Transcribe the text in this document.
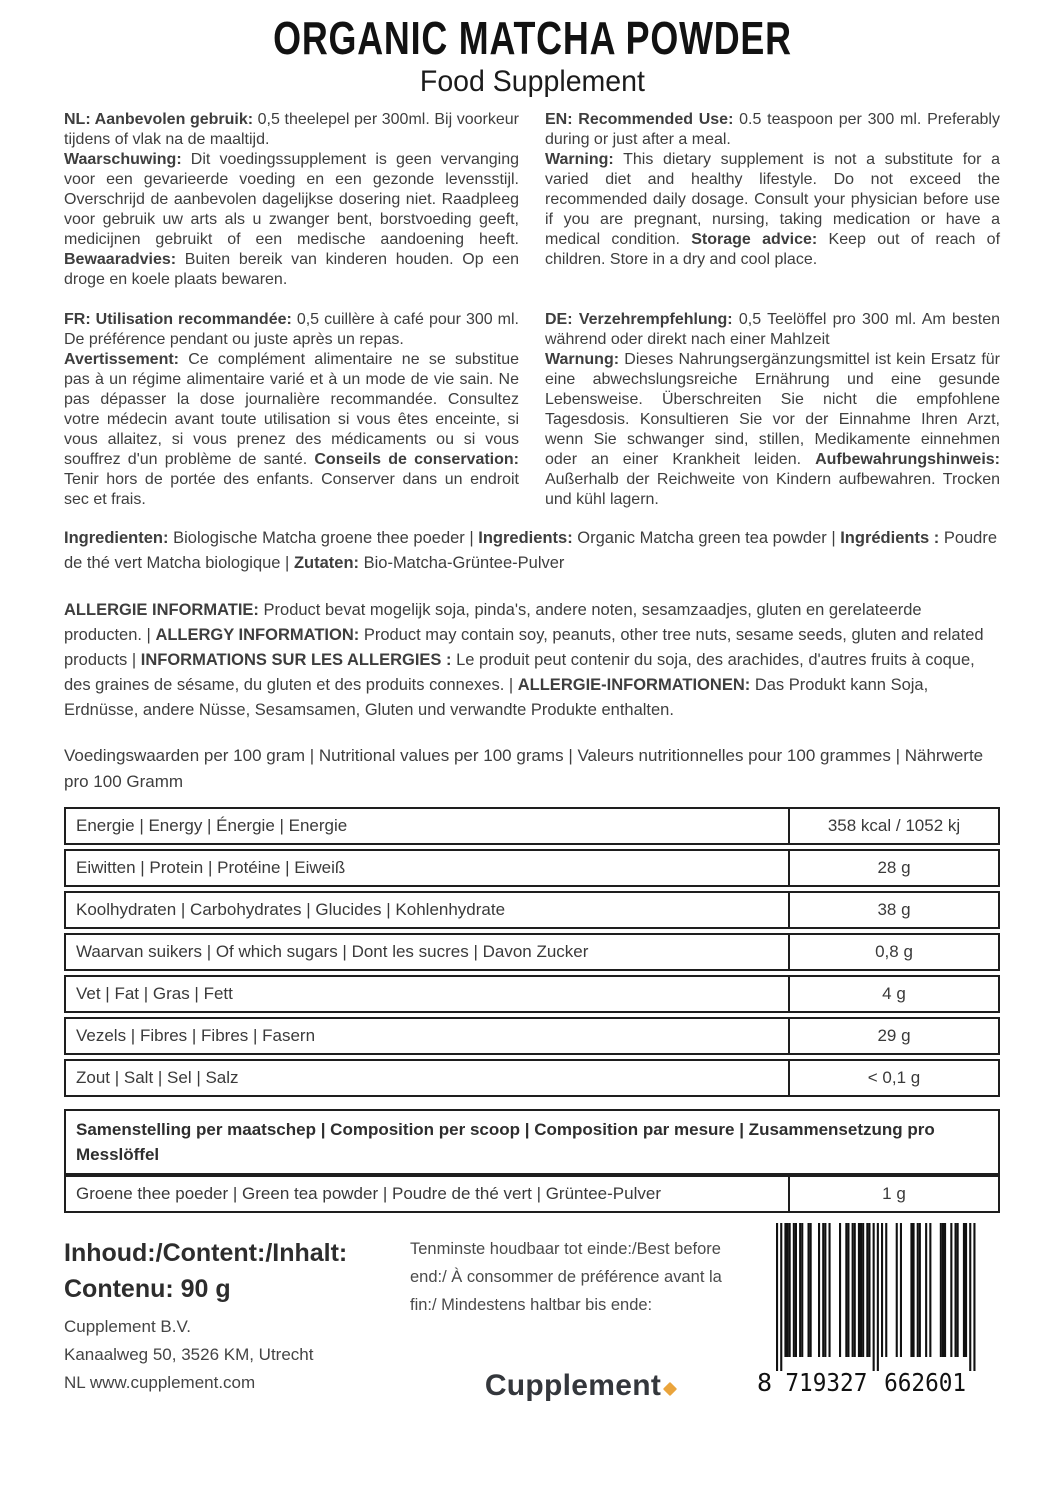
ORGANIC MATCHA POWDER
Food Supplement

NL: Aanbevolen gebruik: 0,5 theelepel per 300ml. Bij voorkeur tijdens of vlak na de maaltijd.

Waarschuwing: Dit voedingssupplement is geen vervanging voor een gevarieerde voeding en een gezonde levensstijl. Overschrijd de aanbevolen dagelijkse dosering niet. Raadpleeg voor gebruik uw arts als u zwanger bent, borstvoeding geeft, medicijnen gebruikt of een medische aandoening heeft. Bewaaradvies: Buiten bereik van kinderen houden. Op een droge en koele plaats bewaren.

EN: Recommended Use: 0.5 teaspoon per 300 ml. Preferably during or just after a meal.

Warning: This dietary supplement is not a substitute for a varied diet and healthy lifestyle. Do not exceed the recommended daily dosage. Consult your physician before use if you are pregnant, nursing, taking medication or have a medical condition. Storage advice: Keep out of reach of children. Store in a dry and cool place.

FR: Utilisation recommandée: 0,5 cuillère à café pour 300 ml. De préférence pendant ou juste après un repas.

Avertissement: Ce complément alimentaire ne se substitue pas à un régime alimentaire varié et à un mode de vie sain. Ne pas dépasser la dose journalière recommandée. Consultez votre médecin avant toute utilisation si vous êtes enceinte, si vous allaitez, si vous prenez des médicaments ou si vous souffrez d'un problème de santé. Conseils de conservation: Tenir hors de portée des enfants. Conserver dans un endroit sec et frais.

DE: Verzehrempfehlung: 0,5 Teelöffel pro 300 ml. Am besten während oder direkt nach einer Mahlzeit

Warnung: Dieses Nahrungsergänzungsmittel ist kein Ersatz für eine abwechslungsreiche Ernährung und eine gesunde Lebensweise. Überschreiten Sie nicht die empfohlene Tagesdosis. Konsultieren Sie vor der Einnahme Ihren Arzt, wenn Sie schwanger sind, stillen, Medikamente einnehmen oder an einer Krankheit leiden. Aufbewahrungshinweis: Außerhalb der Reichweite von Kindern aufbewahren. Trocken und kühl lagern.

Ingredienten: Biologische Matcha groene thee poeder | Ingredients: Organic Matcha green tea powder | Ingrédients : Poudre de thé vert Matcha biologique | Zutaten: Bio-Matcha-Grüntee-Pulver
ALLERGIE INFORMATIE: Product bevat mogelijk soja, pinda's, andere noten, sesamzaadjes, gluten en gerelateerde producten. | ALLERGY INFORMATION: Product may contain soy, peanuts, other tree nuts, sesame seeds, gluten and related products | INFORMATIONS SUR LES ALLERGIES : Le produit peut contenir du soja, des arachides, d'autres fruits à coque, des graines de sésame, du gluten et des produits connexes. | ALLERGIE-INFORMATIONEN: Das Produkt kann Soja, Erdnüsse, andere Nüsse, Sesamsamen, Gluten und verwandte Produkte enthalten.
Voedingswaarden per 100 gram | Nutritional values per 100 grams | Valeurs nutritionnelles pour 100 grammes | Nährwerte pro 100 Gramm
Energie | Energy | Énergie | Energie	358 kcal / 1052 kj
Eiwitten | Protein | Protéine | Eiweiß	28 g
Koolhydraten | Carbohydrates | Glucides | Kohlenhydrate	38 g
Waarvan suikers | Of which sugars | Dont les sucres | Davon Zucker	0,8 g
Vet | Fat | Gras | Fett	4 g
Vezels | Fibres | Fibres | Fasern	29 g
Zout | Salt | Sel | Salz	< 0,1 g
Samenstelling per maatschep | Composition per scoop | Composition par mesure | Zusammensetzung pro Messlöffel
Groene thee poeder | Green tea powder | Poudre de thé vert | Grüntee-Pulver	1 g
Inhoud:/Content:/Inhalt:
Contenu: 90 g
Cupplement B.V.
Kanaalweg 50, 3526 KM, Utrecht
NL www.cupplement.com
Tenminste houdbaar tot einde:/Best before end:/ À consommer de préférence avant la fin:/ Mindestens haltbar bis ende:
Cupplement	8 719327 662601
